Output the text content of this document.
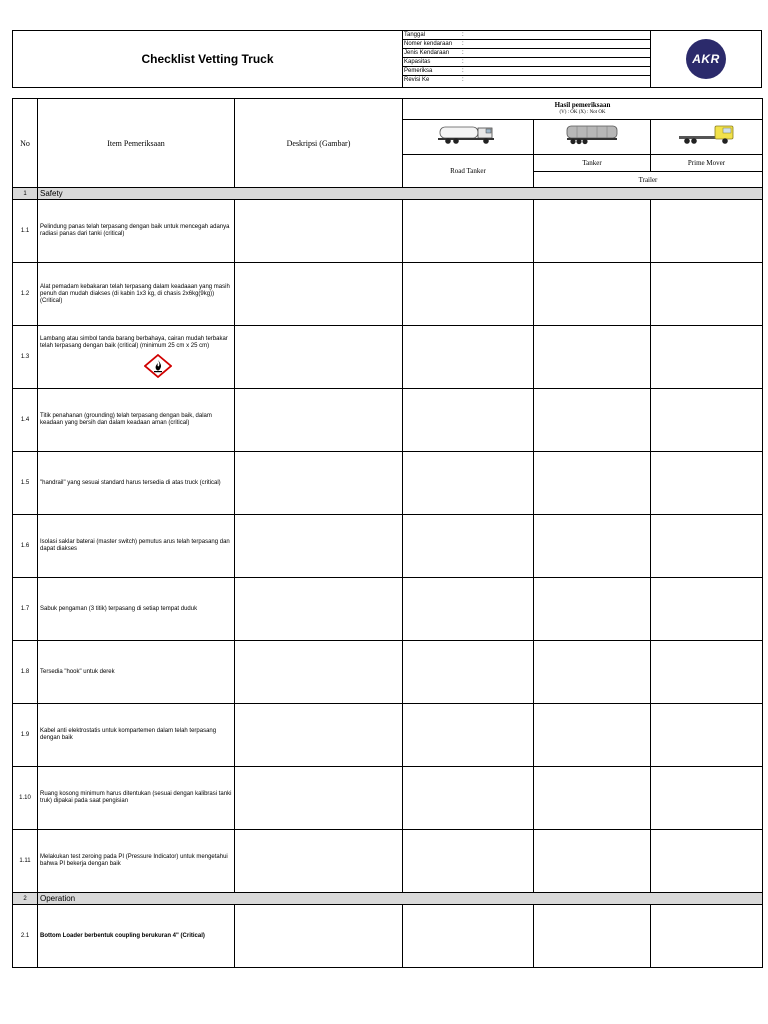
Checklist Vetting Truck
Tanggal	:
Nomer kendaraan :
Jenis Kendaraan :
Kapasitas	:
Pemeriksa	:
Revisi Ke	:
AKR
No	Item Pemeriksaan	Deskripsi (Gambar)	Hasil pemeriksaan
(V) : OK (X) : Not OK		

			Road Tanker	Tanker	Prime Mover
				Trailer	
1	Safety				
1.1	Pelindung panas telah terpasang dengan baik untuk mencegah adanya radiasi panas dari tanki (critical)				
1.2	Alat pemadam kebakaran telah terpasang dalam keadaaan yang masih penuh dan mudah diakses (di kabin 1x3 kg, di chasis 2x6kg(9kg)) (Critical)				
1.3	Lambang atau simbol tanda barang berbahaya, cairan mudah terbakar telah terpasang dengan baik (critical) (minimum 25 cm x 25 cm)

1.4	Titik penahanan (grounding) telah terpasang dengan baik, dalam keadaan yang bersih dan dalam keadaan aman (critical)				
1.5	"handrail" yang sesuai standard harus tersedia di atas truck (critical)				
1.6	Isolasi saklar baterai (master switch) pemutus arus telah terpasang dan dapat diakses				
1.7	Sabuk pengaman (3 titik) terpasang di setiap tempat duduk				
1.8	Tersedia "hook" untuk derek				
1.9	Kabel anti elektrostatis untuk kompartemen dalam telah terpasang dengan baik				
1.10	Ruang kosong minimum harus ditentukan (sesuai dengan kalibrasi tanki truk) dipakai pada saat pengisian				
1.11	Melakukan test zeroing pada PI (Pressure Indicator) untuk mengetahui bahwa PI bekerja dengan baik				
2	Operation				
2.1	Bottom Loader berbentuk coupling berukuran 4" (Critical)				
